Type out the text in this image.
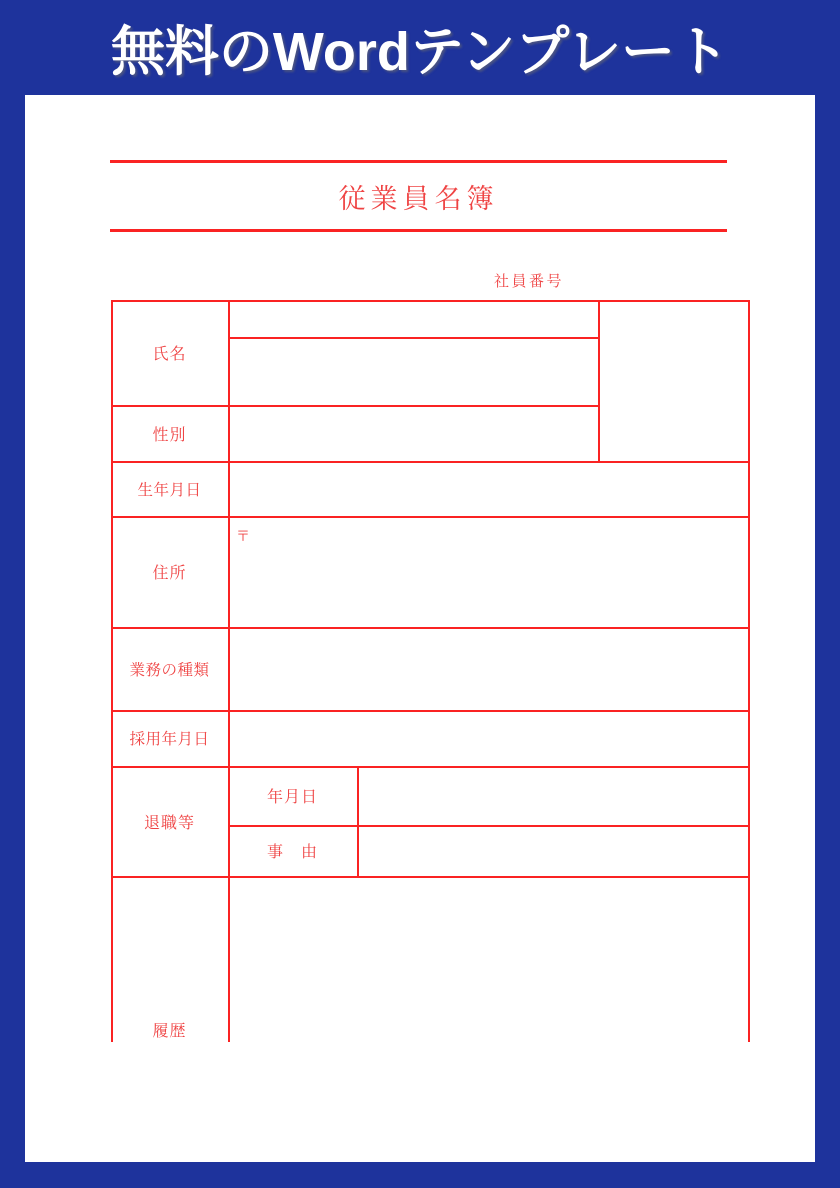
無料のWordテンプレート
従業員名簿
社員番号
氏名
性別
生年月日
住所
業務の種類
採用年月日
退職等
年月日
事　由
履歴
〒
